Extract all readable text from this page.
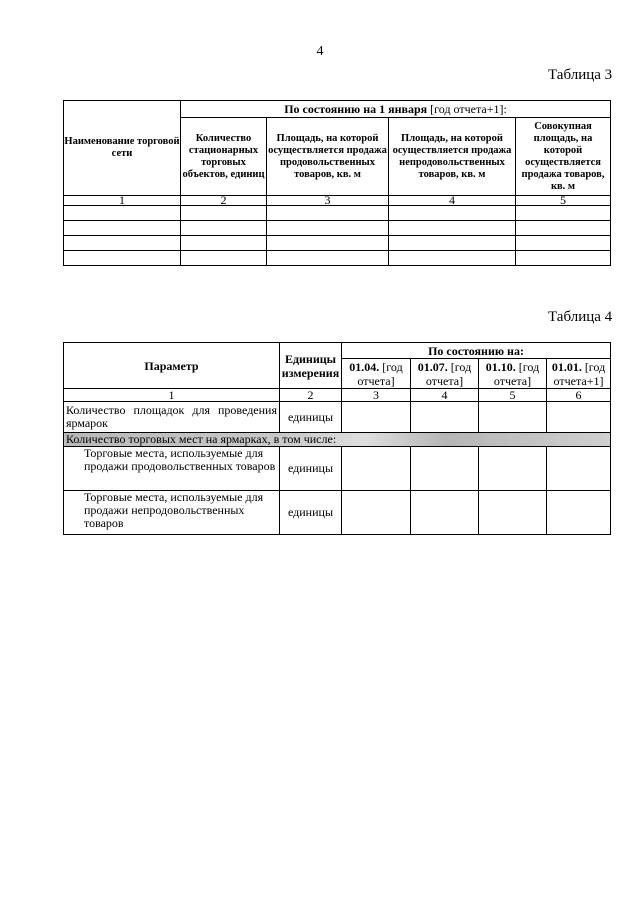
4
Таблица 3
Наименование торговой сети	По состоянию на 1 января [год отчета+1]:			
	Количество стационарных торговых объектов, единиц	Площадь, на которой осуществляется продажа продовольственных товаров, кв. м	Площадь, на которой осуществляется продажа непродовольственных товаров, кв. м	Совокупная площадь, на которой осуществляется продажа товаров, кв. м
1	2	3	4	5

Таблица 4
Параметр	Единицы измерения	По состоянию на:			
		01.04. [год отчета]	01.07. [год отчета]	01.10. [год отчета]	01.01. [год отчета+1]
1	2	3	4	5	6
Количество площадок для проведения ярмарок	единицы				
Количество торговых мест на ярмарках, в том числе:					
Торговые места, используемые для продажи продовольственных товаров	единицы				
Торговые места, используемые для продажи непродовольственных товаров	единицы				
